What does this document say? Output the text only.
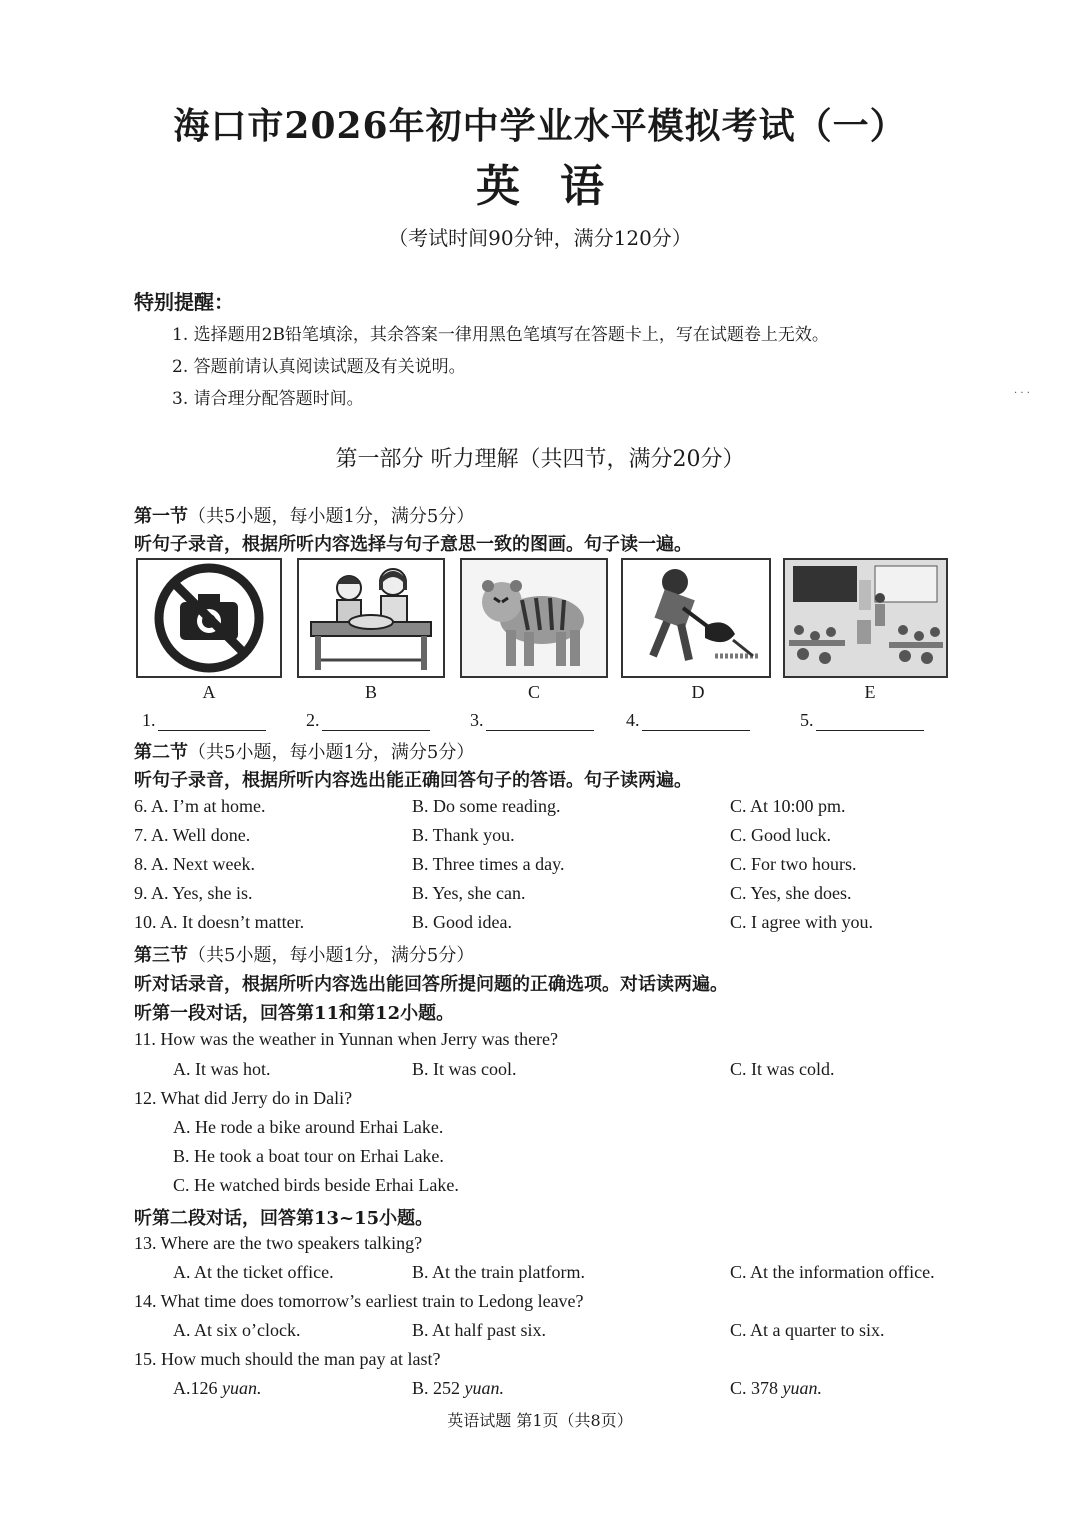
海口市2026年初中学业水平模拟考试（一）
英语
（考试时间90分钟，满分120分）
· · ·
特别提醒：
1. 选择题用2B铅笔填涂，其余答案一律用黑色笔填写在答题卡上，写在试题卷上无效。
2. 答题前请认真阅读试题及有关说明。
3. 请合理分配答题时间。
第一部分 听力理解（共四节，满分20分）
第一节（共5小题，每小题1分，满分5分）
听句子录音，根据所听内容选择与句子意思一致的图画。句子读一遍。
A	B	C	D	E
1.	2.	3.	4.	5.
第二节（共5小题，每小题1分，满分5分）
听句子录音，根据所听内容选出能正确回答句子的答语。句子读两遍。
6. A. I’m at home.	B. Do some reading.	C. At 10:00 pm.
7. A. Well done.	B. Thank you.	C. Good luck.
8. A. Next week.	B. Three times a day.	C. For two hours.
9. A. Yes, she is.	B. Yes, she can.	C. Yes, she does.
10. A. It doesn’t matter.	B. Good idea.	C. I agree with you.
第三节（共5小题，每小题1分，满分5分）
听对话录音，根据所听内容选出能回答所提问题的正确选项。对话读两遍。
听第一段对话，回答第11和第12小题。
11. How was the weather in Yunnan when Jerry was there?
A. It was hot.	B. It was cool.	C. It was cold.
12. What did Jerry do in Dali?
A. He rode a bike around Erhai Lake.
B. He took a boat tour on Erhai Lake.
C. He watched birds beside Erhai Lake.
听第二段对话，回答第13~15小题。
13. Where are the two speakers talking?
A. At the ticket office.	B. At the train platform.	C. At the information office.
14. What time does tomorrow’s earliest train to Ledong leave?
A. At six o’clock.	B. At half past six.	C. At a quarter to six.
15. How much should the man pay at last?
A.126 yuan.	B. 252 yuan.	C. 378 yuan.
英语试题 第1页（共8页）
